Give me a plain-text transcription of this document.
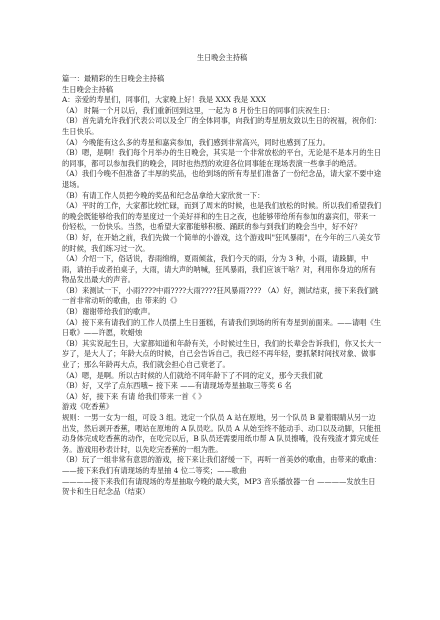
生日晚会主持稿
篇一：最精彩的生日晚会主持稿
生日晚会主持稿
A：亲爱的寿星们，同事们，大家晚上好！我是 XXX 我是 XXX
（A） 时隔一个月以后，我们重新回到这里，一起为 8 月份生日的同事们庆祝生日：
（B）首先请允许我们代表公司以及全厂的全体同事，向我们的寿星朋友致以生日的祝福，祝你们：生日快乐。
（A）今晚能有这么多的寿星和嘉宾参加，我们感到非常高兴，同时也感到了压力。
（B）嗯，是啊！我们每个月举办的生日晚会，其实是一个非常放松的平台，无论是不是本月的生日的同事，都可以参加我们的晚会，同时也热烈的欢迎各位同事能在现场表演一些拿手的绝活。
（A）我们今晚不但准备了丰厚的奖品，也给到场的所有寿星们准备了一份纪念品，请大家不要中途退场。
（B）有请工作人员把今晚的奖品和纪念品拿给大家欣赏一下：
（A）平时的工作，大家都比较忙碌，而到了周末的时候，也是我们放松的时候。所以我们希望我们的晚会既能够给我们的寿星度过一个美好祥和的生日之夜，也能够带给所有参加的嘉宾们，带来一份轻松，一份快乐。当然，也希望大家都能够积极、踊跃的参与到我们的晚会当中，好不好？
（B）好，在开始之前，我们先做一个简单的小游戏，这个游戏叫"狂风暴雨"，在今年的三八美女节的时候，我们练习过一次。
（A）介绍一下，俗话说，春雨绵绵，夏雨倾盆，我们今天的雨，分为 3 种，小雨，请跺脚，中雨，请拍手或者拍桌子，大雨，请大声的呐喊，狂风暴雨，我们应该干啥？对，利用你身边的所有物品发出最大的声音。
（B）来测试一下，小雨????中雨????大雨????狂风暴雨???? （A）好，测试结束，接下来我们跳一首非常动听的歌曲，由 带来的《》
（B）谢谢带给我们的歌声。
（A）接下来有请我们的工作人员摆上生日蛋糕，有请我们到场的所有寿星到前面来。——请唱《生日歌》——许愿，吹蜡烛
（B）其实说起生日，大家都知道和年龄有关，小时候过生日，我们的长辈会告诉我们，你又长大一岁了，是大人了；年龄大点的时候，自己会告诉自己，我已经不再年轻，要抓紧时间找对象、做事业了；那么年龄再大点，我们就会担心自己衰老了。
（A）嗯，是啊。所以古时候的人们就给不同年龄下了不同的定义，那今天我们就
（B）好，又学了点东西哦~ 接下来 ——有请现场寿星抽取三等奖 6 名
（A）好，接下来 有请 给我们带来一首《 》
游戏《吃香蕉》
规则：一男一女为一组，可设 3 组。选定一个队员 A 站在原地，另一个队员 B 蒙着眼睛从另一边出发，然后剥开香蕉，喂站在原地的 A 队员吃。队员 A 从始至终不能动手、动口以及动脚，只能扭动身体完成吃香蕉的动作，在吃完以后，B 队员还需要用纸巾帮 A 队员擦嘴，没有残渣才算完成任务。游戏用秒表计时，以先吃完香蕉的一组为胜。
（B）玩了一组非常有意思的游戏，接下来让我们舒缓一下，再听一首美妙的歌曲，由带来的歌曲：——接下来我们有请现场的寿星抽 4 位二等奖；——歌曲
————接下来我们有请现场的寿星抽取今晚的最大奖，MP3 音乐播放器一台 ————发放生日贺卡和生日纪念品（结束）
